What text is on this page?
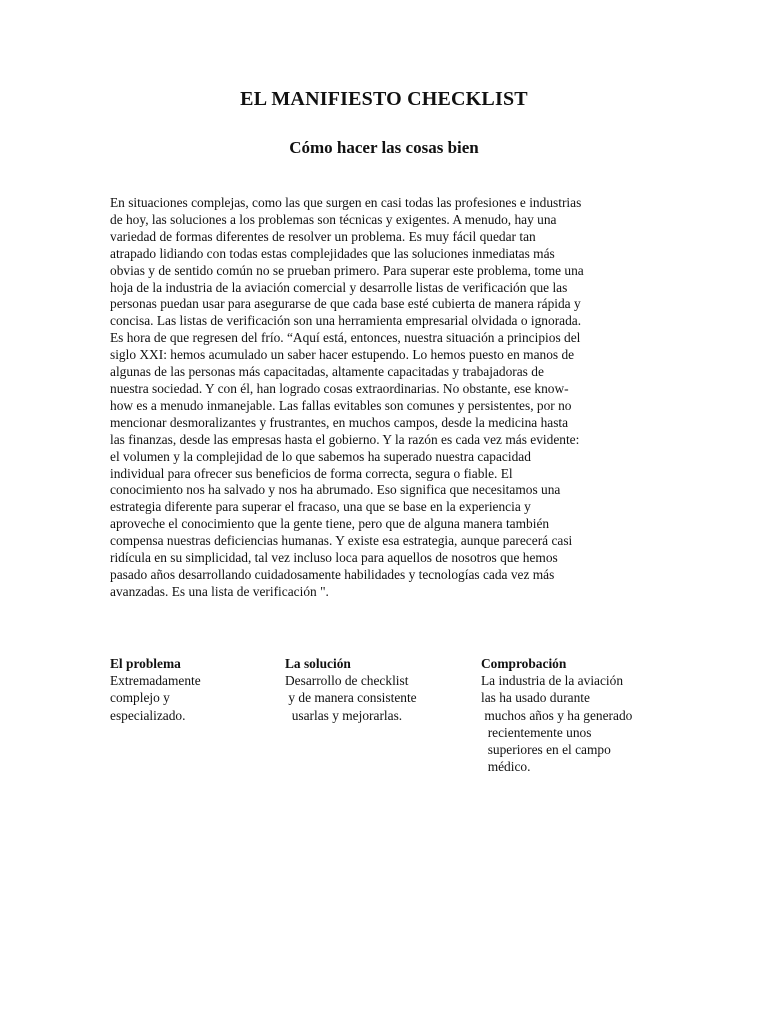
EL MANIFIESTO CHECKLIST
Cómo hacer las cosas bien
En situaciones complejas, como las que surgen en casi todas las profesiones e industrias
de hoy, las soluciones a los problemas son técnicas y exigentes. A menudo, hay una
variedad de formas diferentes de resolver un problema. Es muy fácil quedar tan
atrapado lidiando con todas estas complejidades que las soluciones inmediatas más
obvias y de sentido común no se prueban primero. Para superar este problema, tome una
hoja de la industria de la aviación comercial y desarrolle listas de verificación que las
personas puedan usar para asegurarse de que cada base esté cubierta de manera rápida y
concisa. Las listas de verificación son una herramienta empresarial olvidada o ignorada.
Es hora de que regresen del frío. “Aquí está, entonces, nuestra situación a principios del
siglo XXI: hemos acumulado un saber hacer estupendo. Lo hemos puesto en manos de
algunas de las personas más capacitadas, altamente capacitadas y trabajadoras de
nuestra sociedad. Y con él, han logrado cosas extraordinarias. No obstante, ese know-
how es a menudo inmanejable. Las fallas evitables son comunes y persistentes, por no
mencionar desmoralizantes y frustrantes, en muchos campos, desde la medicina hasta
las finanzas, desde las empresas hasta el gobierno. Y la razón es cada vez más evidente:
el volumen y la complejidad de lo que sabemos ha superado nuestra capacidad
individual para ofrecer sus beneficios de forma correcta, segura o fiable. El
conocimiento nos ha salvado y nos ha abrumado. Eso significa que necesitamos una
estrategia diferente para superar el fracaso, una que se base en la experiencia y
aproveche el conocimiento que la gente tiene, pero que de alguna manera también
compensa nuestras deficiencias humanas. Y existe esa estrategia, aunque parecerá casi
ridícula en su simplicidad, tal vez incluso loca para aquellos de nosotros que hemos
pasado años desarrollando cuidadosamente habilidades y tecnologías cada vez más
avanzadas. Es una lista de verificación ".
El problema
Extremadamente
complejo y
especializado.
La solución
Desarrollo de checklist
y de manera consistente
usarlas y mejorarlas.
Comprobación
La industria de la aviación
las ha usado durante
muchos años y ha generado
recientemente unos
superiores en el campo
médico.
